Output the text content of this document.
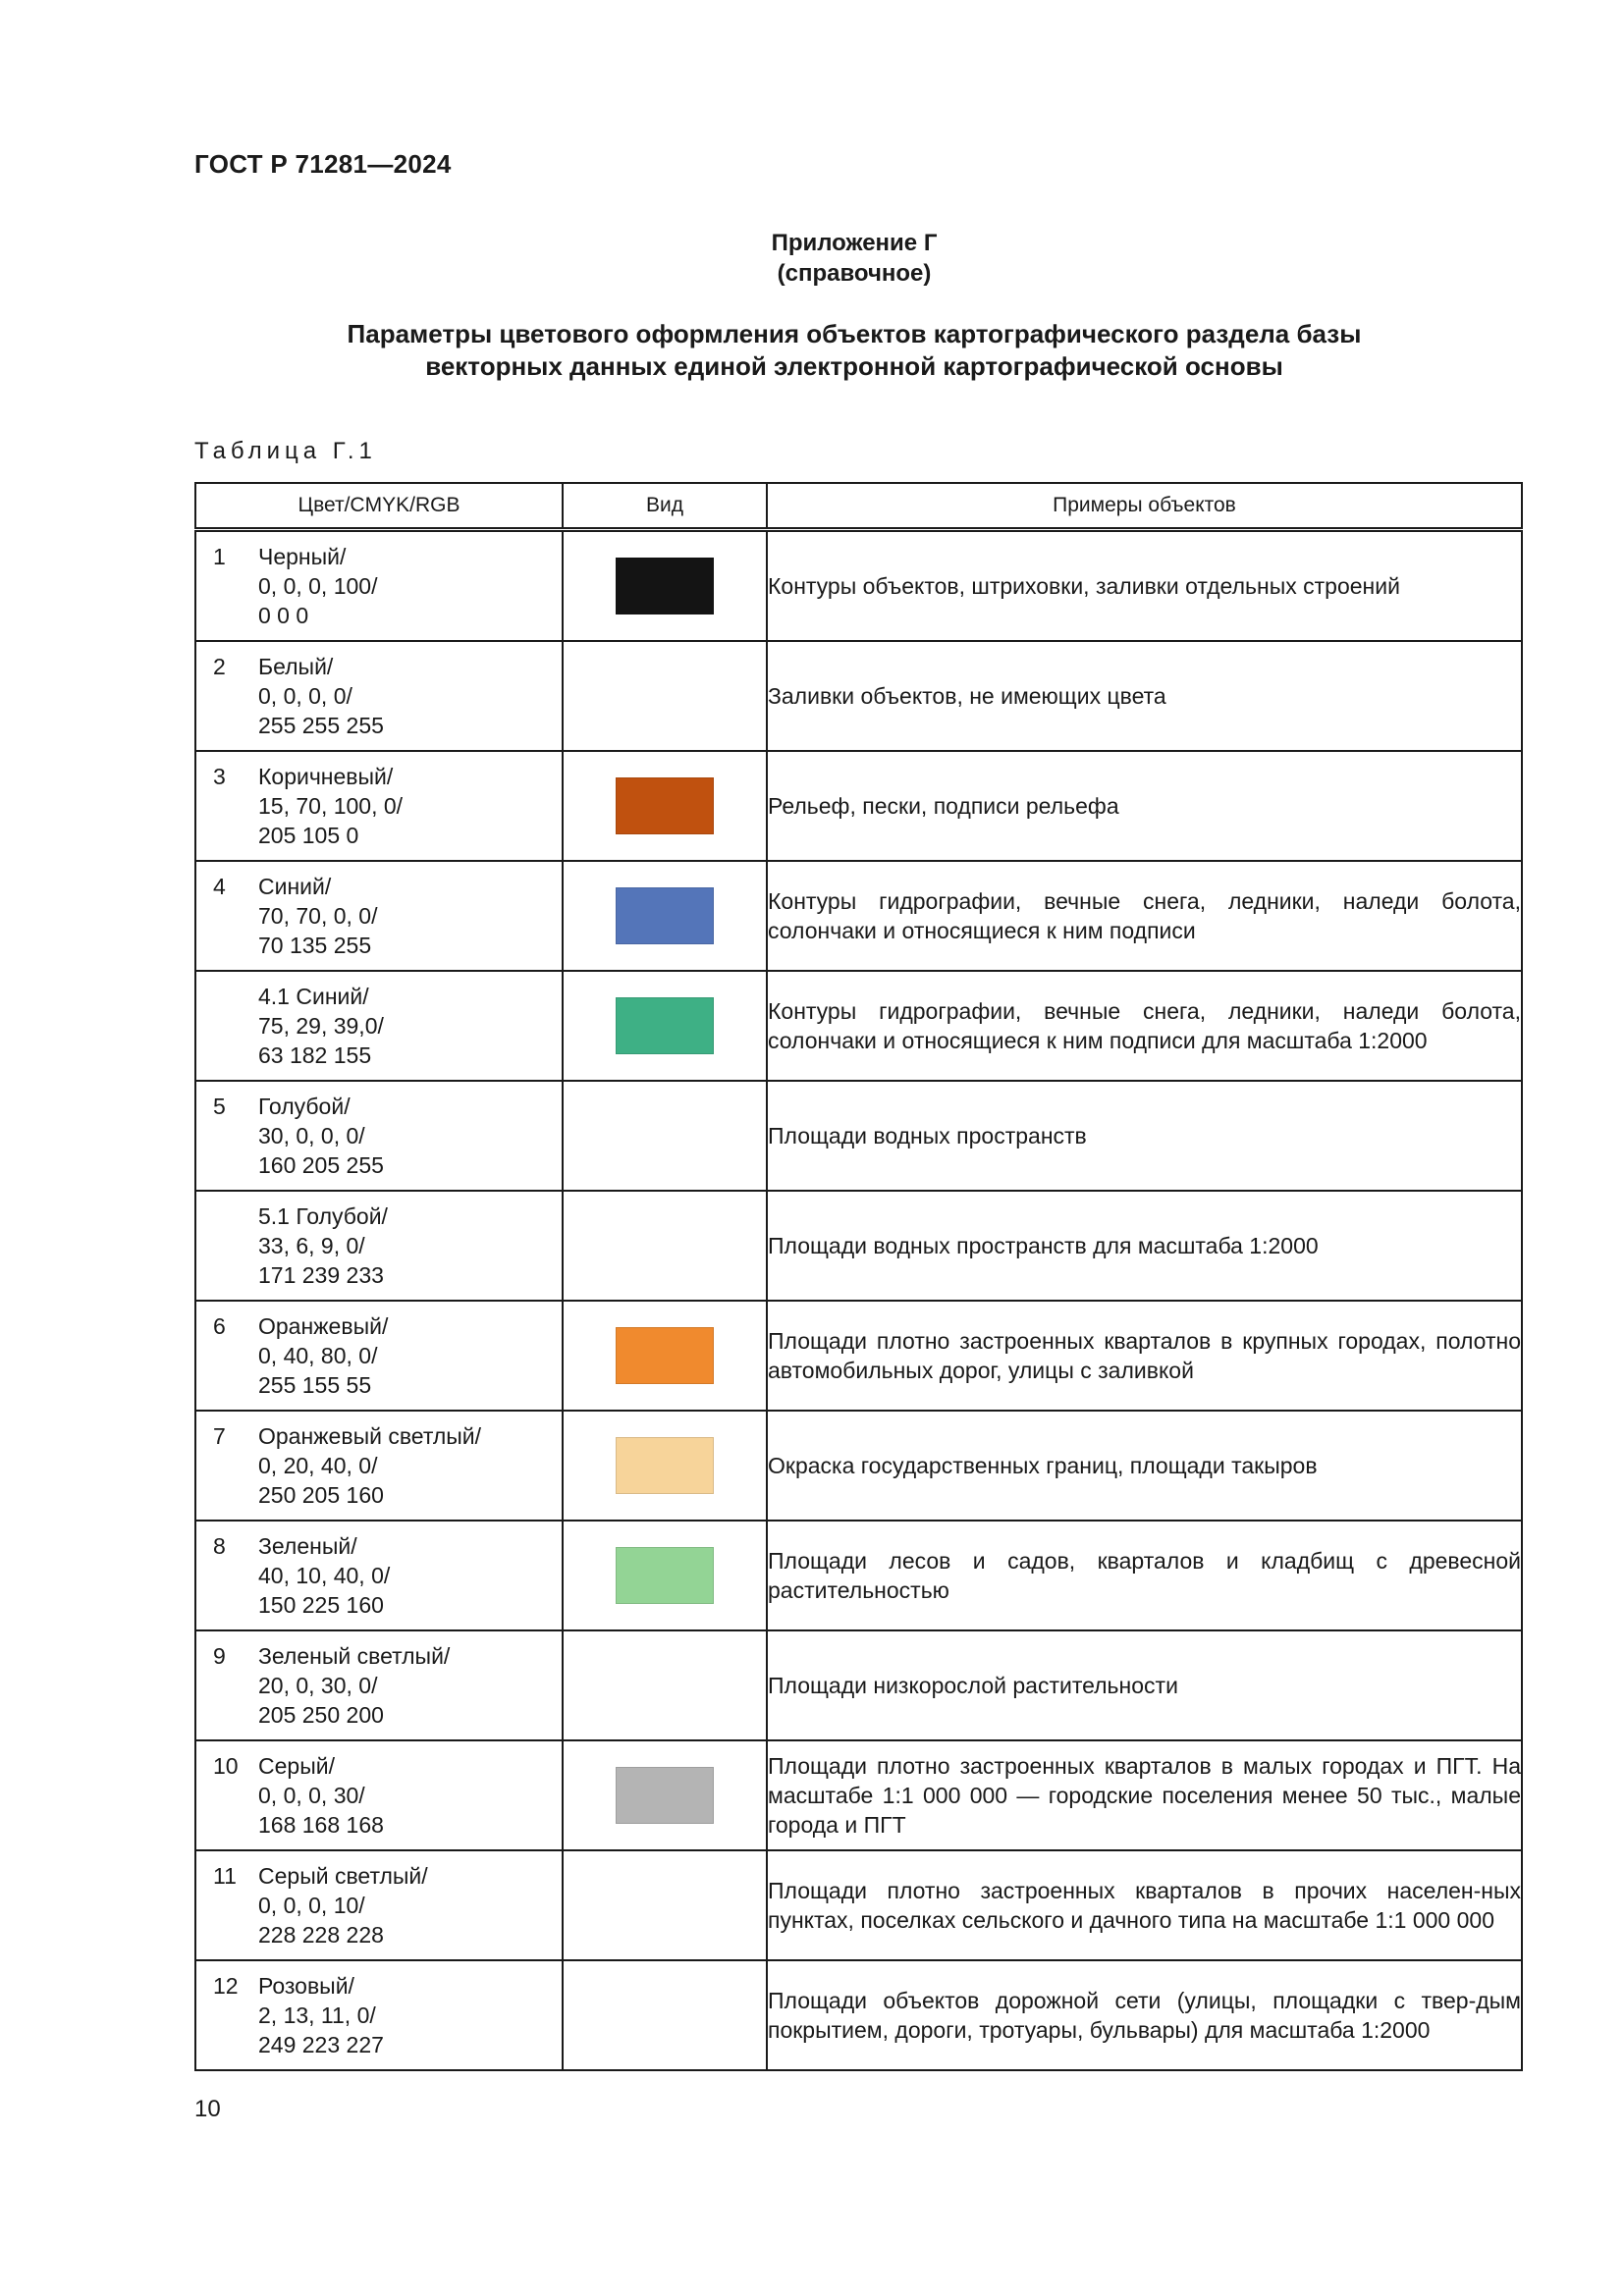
ГОСТ Р 71281—2024
Приложение Г
(справочное)
Параметры цветового оформления объектов картографического раздела базы
векторных данных единой электронной картографической основы
Таблица Г.1
Цвет/CMYK/RGB	Вид	Примеры объектов

1 Черный/
0, 0, 0, 100/
0 0 0		Контуры объектов, штриховки, заливки отдельных строений

2 Белый/
0, 0, 0, 0/
255 255 255		Заливки объектов, не имеющих цвета

3 Коричневый/
15, 70, 100, 0/
205 105 0		Рельеф, пески, подписи рельефа

4 Синий/
70, 70, 0, 0/
70 135 255		Контуры гидрографии, вечные снега, ледники, наледи болота, солончаки и относящиеся к ним подписи

4.1 Синий/
75, 29, 39,0/
63 182 155		Контуры гидрографии, вечные снега, ледники, наледи болота, солончаки и относящиеся к ним подписи для масштаба 1:2000

5 Голубой/
30, 0, 0, 0/
160 205 255		Площади водных пространств

5.1 Голубой/
33, 6, 9, 0/
171 239 233		Площади водных пространств для масштаба 1:2000

6 Оранжевый/
0, 40, 80, 0/
255 155 55		Площади плотно застроенных кварталов в крупных городах, полотно автомобильных дорог, улицы с заливкой

7 Оранжевый светлый/
0, 20, 40, 0/
250 205 160		Окраска государственных границ, площади такыров

8 Зеленый/
40, 10, 40, 0/
150 225 160		Площади лесов и садов, кварталов и кладбищ с древесной растительностью

9 Зеленый светлый/
20, 0, 30, 0/
205 250 200		Площади низкорослой растительности

10 Серый/
0, 0, 0, 30/
168 168 168		Площади плотно застроенных кварталов в малых городах и ПГТ. На масштабе 1:1 000 000 — городские поселения менее 50 тыс., малые города и ПГТ

11 Серый светлый/
0, 0, 0, 10/
228 228 228		Площади плотно застроенных кварталов в прочих населен-ных пунктах, поселках сельского и дачного типа на масштабе 1:1 000 000

12 Розовый/
2, 13, 11, 0/
249 223 227		Площади объектов дорожной сети (улицы, площадки с твер-дым покрытием, дороги, тротуары, бульвары) для масштаба 1:2000
10
